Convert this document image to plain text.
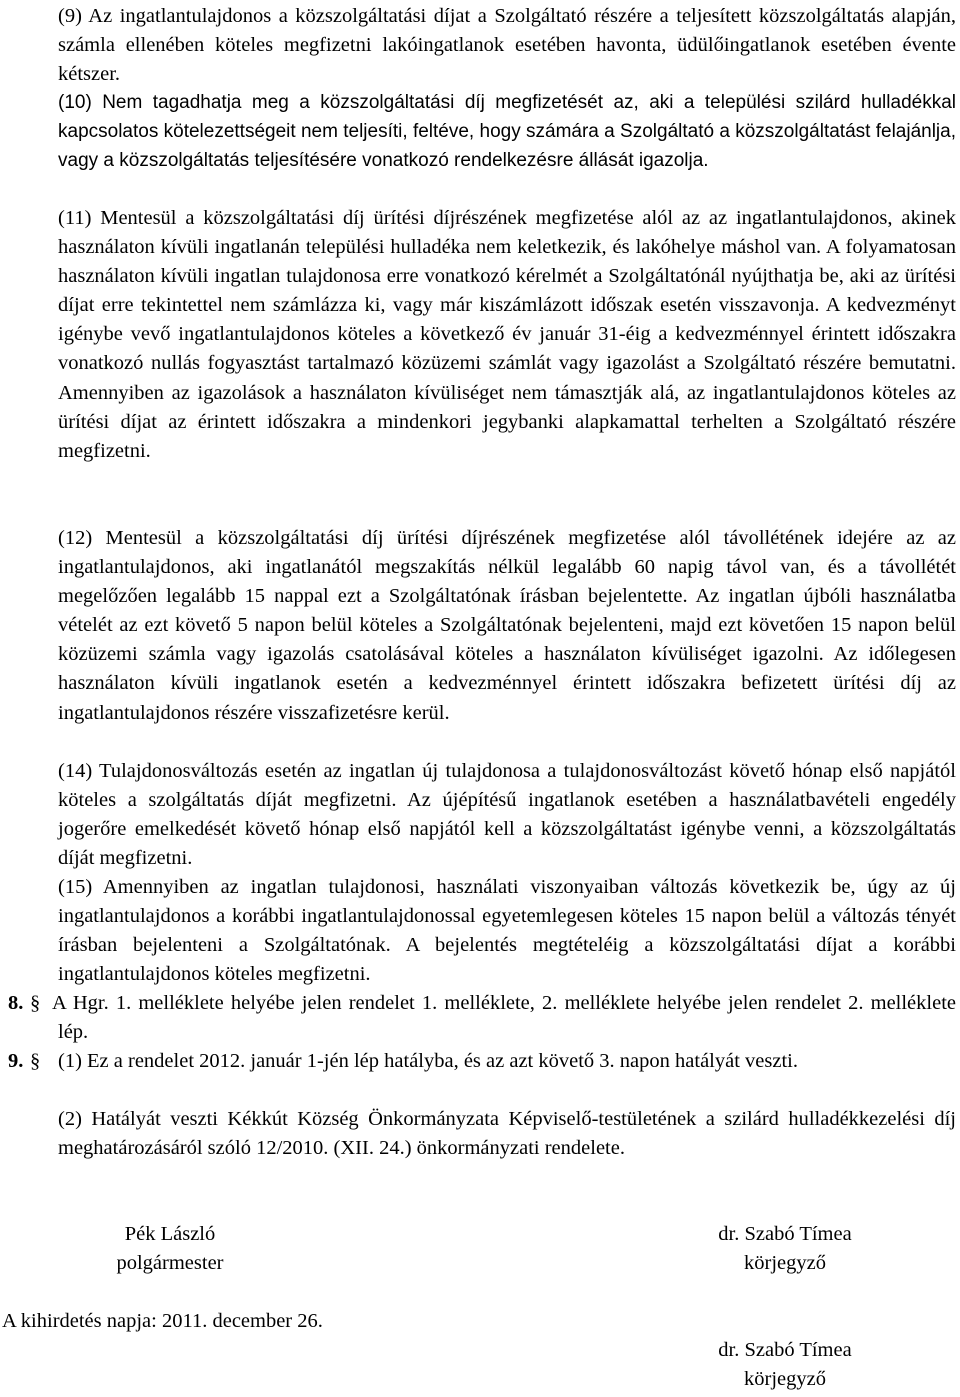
(9) Az ingatlantulajdonos a közszolgáltatási díjat a Szolgáltató részére a teljesített közszolgáltatás alapján, számla ellenében köteles megfizetni lakóingatlanok esetében havonta, üdülőingatlanok esetében évente kétszer.
(10) Nem tagadhatja meg a közszolgáltatási díj megfizetését az, aki a települési szilárd hulladékkal kapcsolatos kötelezettségeit nem teljesíti, feltéve, hogy számára a Szolgáltató a közszolgáltatást felajánlja, vagy a közszolgáltatás teljesítésére vonatkozó rendelkezésre állását igazolja.
(11) Mentesül a közszolgáltatási díj ürítési díjrészének megfizetése alól az az ingatlantulajdonos, akinek használaton kívüli ingatlanán települési hulladéka nem keletkezik, és lakóhelye máshol van. A folyamatosan használaton kívüli ingatlan tulajdonosa erre vonatkozó kérelmét a Szolgáltatónál nyújthatja be, aki az ürítési díjat erre tekintettel nem számlázza ki, vagy már kiszámlázott időszak esetén visszavonja. A kedvezményt igénybe vevő ingatlantulajdonos köteles a következő év január 31-éig a kedvezménnyel érintett időszakra vonatkozó nullás fogyasztást tartalmazó közüzemi számlát vagy igazolást a Szolgáltató részére bemutatni. Amennyiben az igazolások a használaton kívüliséget nem támasztják alá, az ingatlantulajdonos köteles az ürítési díjat az érintett időszakra a mindenkori jegybanki alapkamattal terhelten a Szolgáltató részére megfizetni.
(12) Mentesül a közszolgáltatási díj ürítési díjrészének megfizetése alól távollétének idejére az az ingatlantulajdonos, aki ingatlanától megszakítás nélkül legalább 60 napig távol van, és a távollétét megelőzően legalább 15 nappal ezt a Szolgáltatónak írásban bejelentette. Az ingatlan újbóli használatba vételét az ezt követő 5 napon belül köteles a Szolgáltatónak bejelenteni, majd ezt követően 15 napon belül közüzemi számla vagy igazolás csatolásával köteles a használaton kívüliséget igazolni. Az időlegesen használaton kívüli ingatlanok esetén a kedvezménnyel érintett időszakra befizetett ürítési díj az ingatlantulajdonos részére visszafizetésre kerül.
(14) Tulajdonosváltozás esetén az ingatlan új tulajdonosa a tulajdonosváltozást követő hónap első napjától köteles a szolgáltatás díját megfizetni. Az újépítésű ingatlanok esetében a használatbavételi engedély jogerőre emelkedését követő hónap első napjától kell a közszolgáltatást igénybe venni, a közszolgáltatás díját megfizetni.
(15) Amennyiben az ingatlan tulajdonosi, használati viszonyaiban változás következik be, úgy az új ingatlantulajdonos a korábbi ingatlantulajdonossal egyetemlegesen köteles 15 napon belül a változás tényét írásban bejelenteni a Szolgáltatónak. A bejelentés megtételéig a közszolgáltatási díjat a korábbi ingatlantulajdonos köteles megfizetni.
8. § A Hgr. 1. melléklete helyébe jelen rendelet 1. melléklete, 2. melléklete helyébe jelen rendelet 2. melléklete lép.
9. § (1) Ez a rendelet 2012. január 1-jén lép hatályba, és az azt követő 3. napon hatályát veszti.
(2) Hatályát veszti Kékkút Község Önkormányzata Képviselő-testületének a szilárd hulladékkezelési díj meghatározásáról szóló 12/2010. (XII. 24.) önkormányzati rendelete.
Pék László
polgármester
dr. Szabó Tímea
körjegyző
A kihirdetés napja: 2011. december 26.
dr. Szabó Tímea
körjegyző
